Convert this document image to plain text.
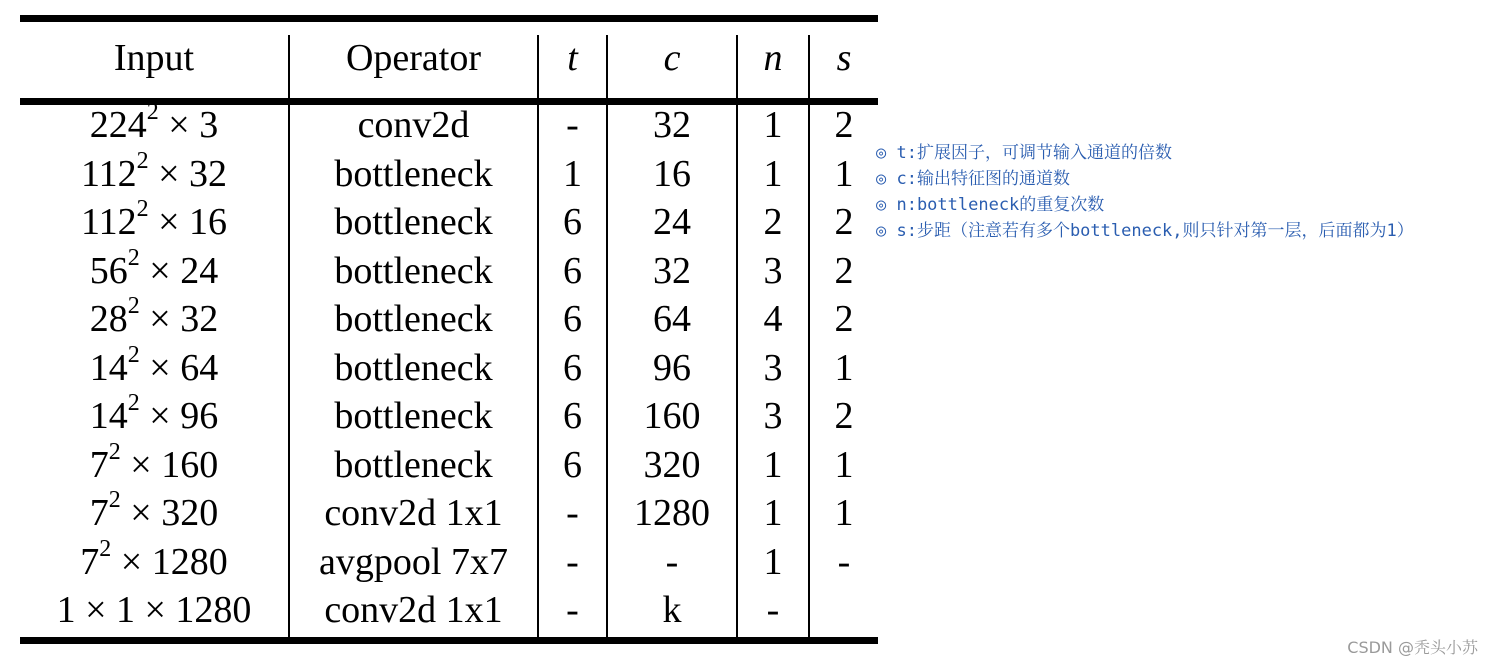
Input	Operator	t	c	n	s
$224^2 \times 3$	conv2d	-	32	1	2
$112^2 \times 32$	bottleneck	1	16	1	1
$112^2 \times 16$	bottleneck	6	24	2	2
$56^2 \times 24$	bottleneck	6	32	3	2
$28^2 \times 32$	bottleneck	6	64	4	2
$14^2 \times 64$	bottleneck	6	96	3	1
$14^2 \times 96$	bottleneck	6	160	3	2
$7^2 \times 160$	bottleneck	6	320	1	1
$7^2 \times 320$	conv2d 1x1	-	1280	1	1
$7^2 \times 1280$	avgpool 7x7	-	-	1	-
1 × 1 × 1280	conv2d 1x1	-	k	-
◎ t:扩展因子，可调节输入通道的倍数
◎ c:输出特征图的通道数
◎ n:bottleneck的重复次数
◎ s:步距（注意若有多个bottleneck,则只针对第一层，后面都为1）
CSDN @秃头小苏
